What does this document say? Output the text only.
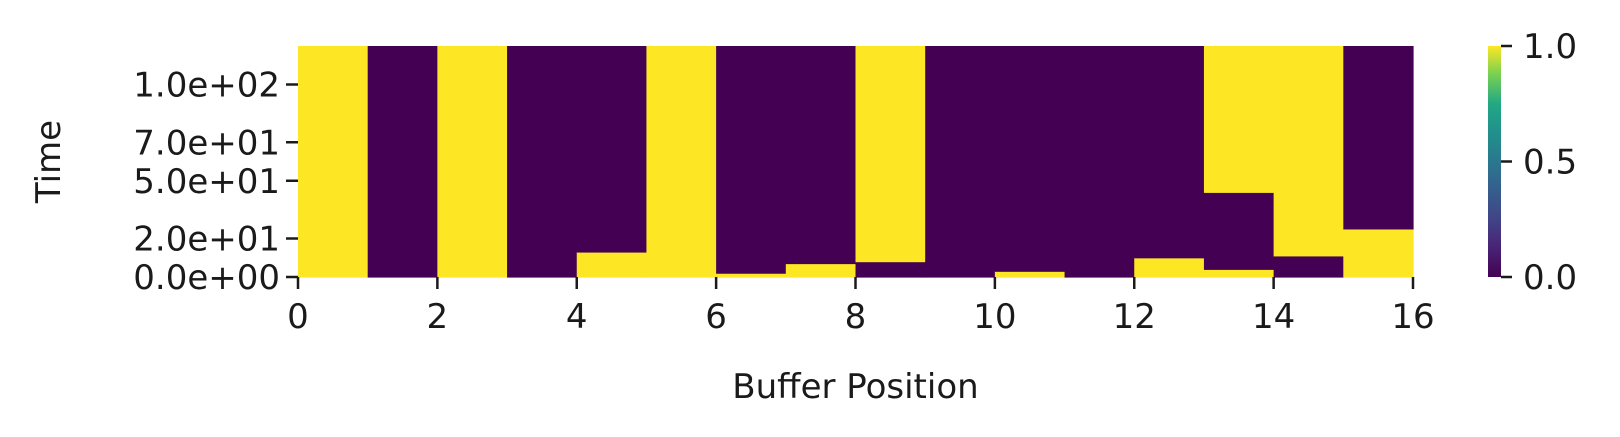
0	2	4	6	8	10	12	14	16
0.0e+00
2.0e+01
5.0e+01
7.0e+01
1.0e+02
Buffer Position
Time
0.0
0.5
1.0
